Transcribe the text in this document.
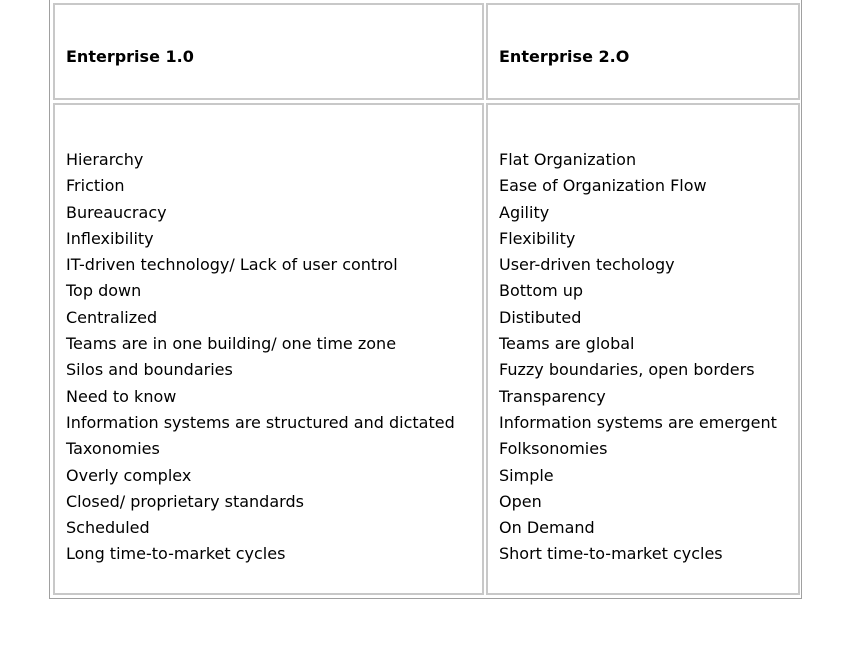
Enterprise 1.0	Enterprise 2.O
Hierarchy
Friction
Bureaucracy
Inflexibility
IT-driven technology/ Lack of user control
Top down
Centralized
Teams are in one building/ one time zone
Silos and boundaries
Need to know
Information systems are structured and dictated
Taxonomies
Overly complex
Closed/ proprietary standards
Scheduled
Long time-to-market cycles
Flat Organization
Ease of Organization Flow
Agility
Flexibility
User-driven techology
Bottom up
Distibuted
Teams are global
Fuzzy boundaries, open borders
Transparency
Information systems are emergent
Folksonomies
Simple
Open
On Demand
Short time-to-market cycles
